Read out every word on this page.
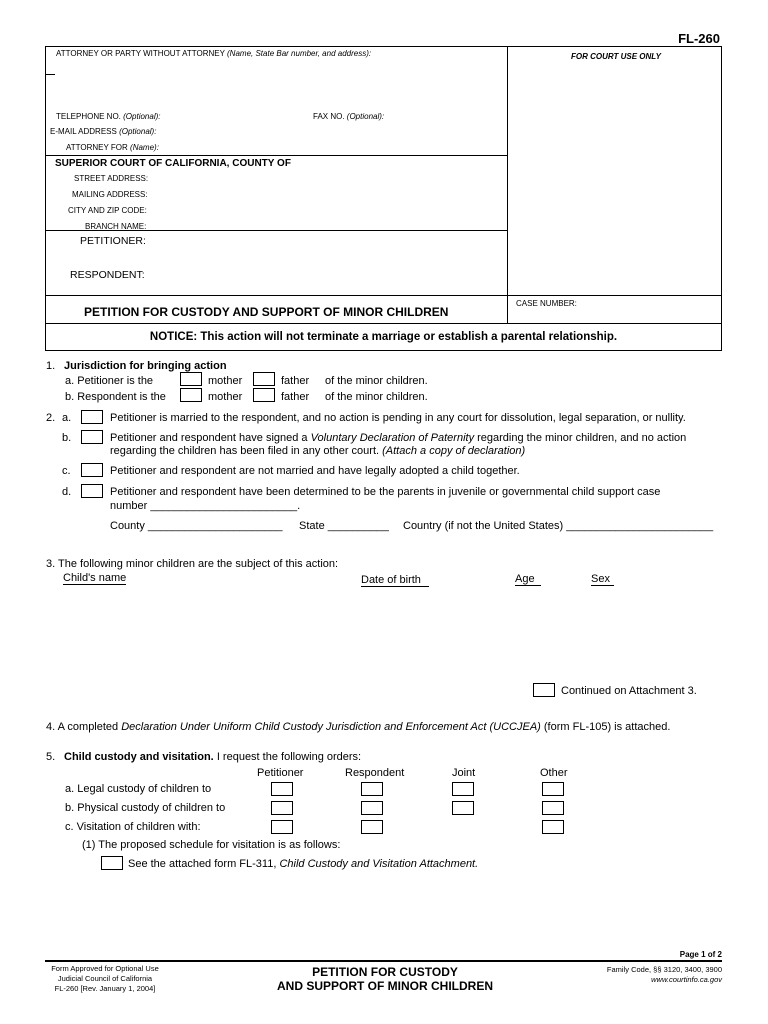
FL-260
ATTORNEY OR PARTY WITHOUT ATTORNEY (Name, State Bar number, and address):	FOR COURT USE ONLY
TELEPHONE NO. (Optional):	FAX NO. (Optional):
E-MAIL ADDRESS (Optional):
ATTORNEY FOR (Name):
SUPERIOR COURT OF CALIFORNIA, COUNTY OF
STREET ADDRESS:
MAILING ADDRESS:
CITY AND ZIP CODE:
BRANCH NAME:
PETITIONER:
RESPONDENT:
PETITION FOR CUSTODY AND SUPPORT OF MINOR CHILDREN
CASE NUMBER:
NOTICE: This action will not terminate a marriage or establish a parental relationship.
1. Jurisdiction for bringing action
a. Petitioner is the	mother	father of the minor children.
b. Respondent is the	mother	father of the minor children.
2. a.	Petitioner is married to the respondent, and no action is pending in any court for dissolution, legal separation, or nullity.
b.	Petitioner and respondent have signed a Voluntary Declaration of Paternity regarding the minor children, and no action
regarding the children has been filed in any other court. (Attach a copy of declaration)
c.	Petitioner and respondent are not married and have legally adopted a child together.
d.	Petitioner and respondent have been determined to be the parents in juvenile or governmental child support case
number ________________________.
County ______________________ State __________ Country (if not the United States) ________________________
3. The following minor children are the subject of this action:
Child's name	Date of birth	Age	Sex
Continued on Attachment 3.
4. A completed Declaration Under Uniform Child Custody Jurisdiction and Enforcement Act (UCCJEA) (form FL-105) is attached.
5. Child custody and visitation. I request the following orders:
Petitioner	Respondent	Joint	Other
a. Legal custody of children to
b. Physical custody of children to
c. Visitation of children with:
(1) The proposed schedule for visitation is as follows:
See the attached form FL-311, Child Custody and Visitation Attachment.
Page 1 of 2
Form Approved for Optional Use
Judicial Council of California
FL-260 [Rev. January 1, 2004]
PETITION FOR CUSTODY
AND SUPPORT OF MINOR CHILDREN
Family Code, §§ 3120, 3400, 3900
www.courtinfo.ca.gov
